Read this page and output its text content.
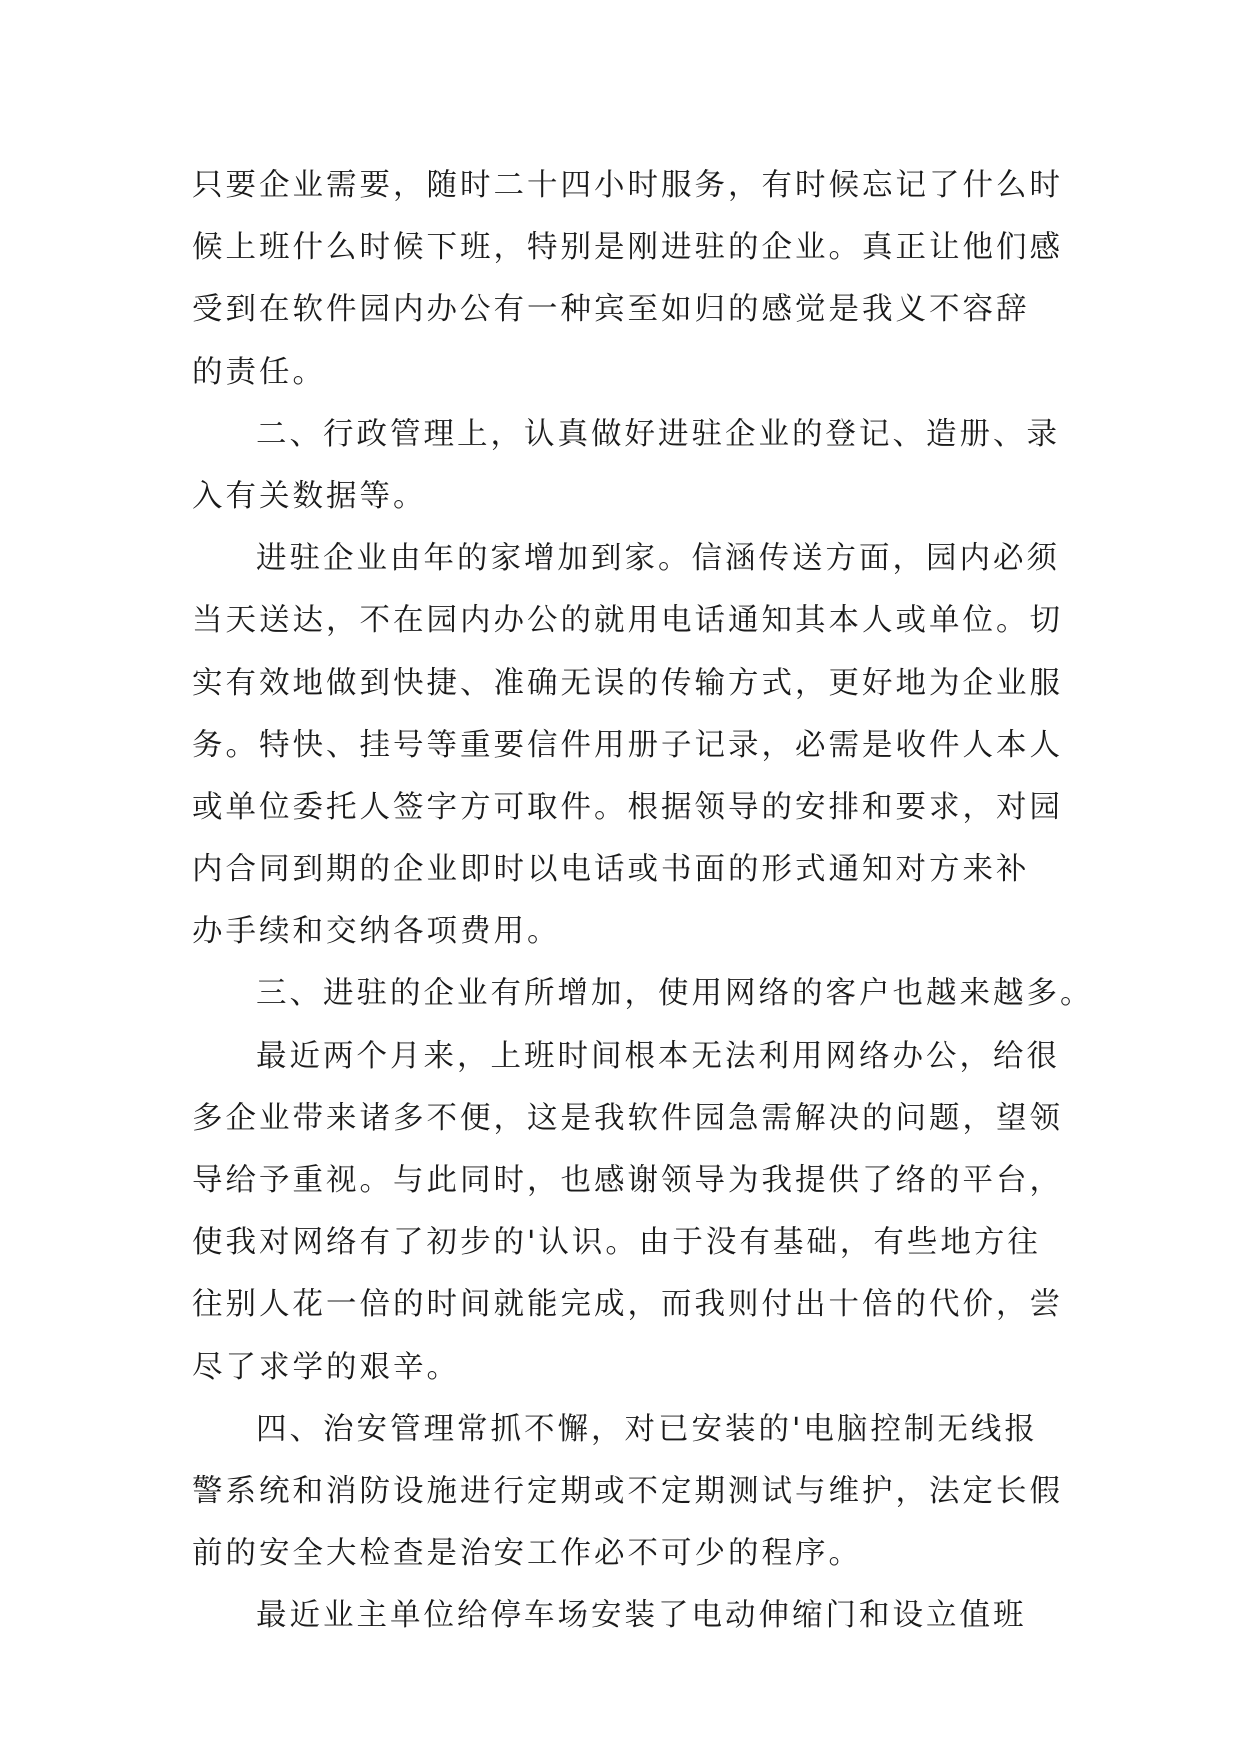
只要企业需要，随时二十四小时服务，有时候忘记了什么时
候上班什么时候下班，特别是刚进驻的企业。真正让他们感
受到在软件园内办公有一种宾至如归的感觉是我义不容辞
的责任。
二、行政管理上，认真做好进驻企业的登记、造册、录
入有关数据等。
进驻企业由年的家增加到家。信涵传送方面，园内必须
当天送达，不在园内办公的就用电话通知其本人或单位。切
实有效地做到快捷、准确无误的传输方式，更好地为企业服
务。特快、挂号等重要信件用册子记录，必需是收件人本人
或单位委托人签字方可取件。根据领导的安排和要求，对园
内合同到期的企业即时以电话或书面的形式通知对方来补
办手续和交纳各项费用。
三、进驻的企业有所增加，使用网络的客户也越来越多。
最近两个月来，上班时间根本无法利用网络办公，给很
多企业带来诸多不便，这是我软件园急需解决的问题，望领
导给予重视。与此同时，也感谢领导为我提供了络的平台，
使我对网络有了初步的'认识。由于没有基础，有些地方往
往别人花一倍的时间就能完成，而我则付出十倍的代价，尝
尽了求学的艰辛。
四、治安管理常抓不懈，对已安装的'电脑控制无线报
警系统和消防设施进行定期或不定期测试与维护，法定长假
前的安全大检查是治安工作必不可少的程序。
最近业主单位给停车场安装了电动伸缩门和设立值班
